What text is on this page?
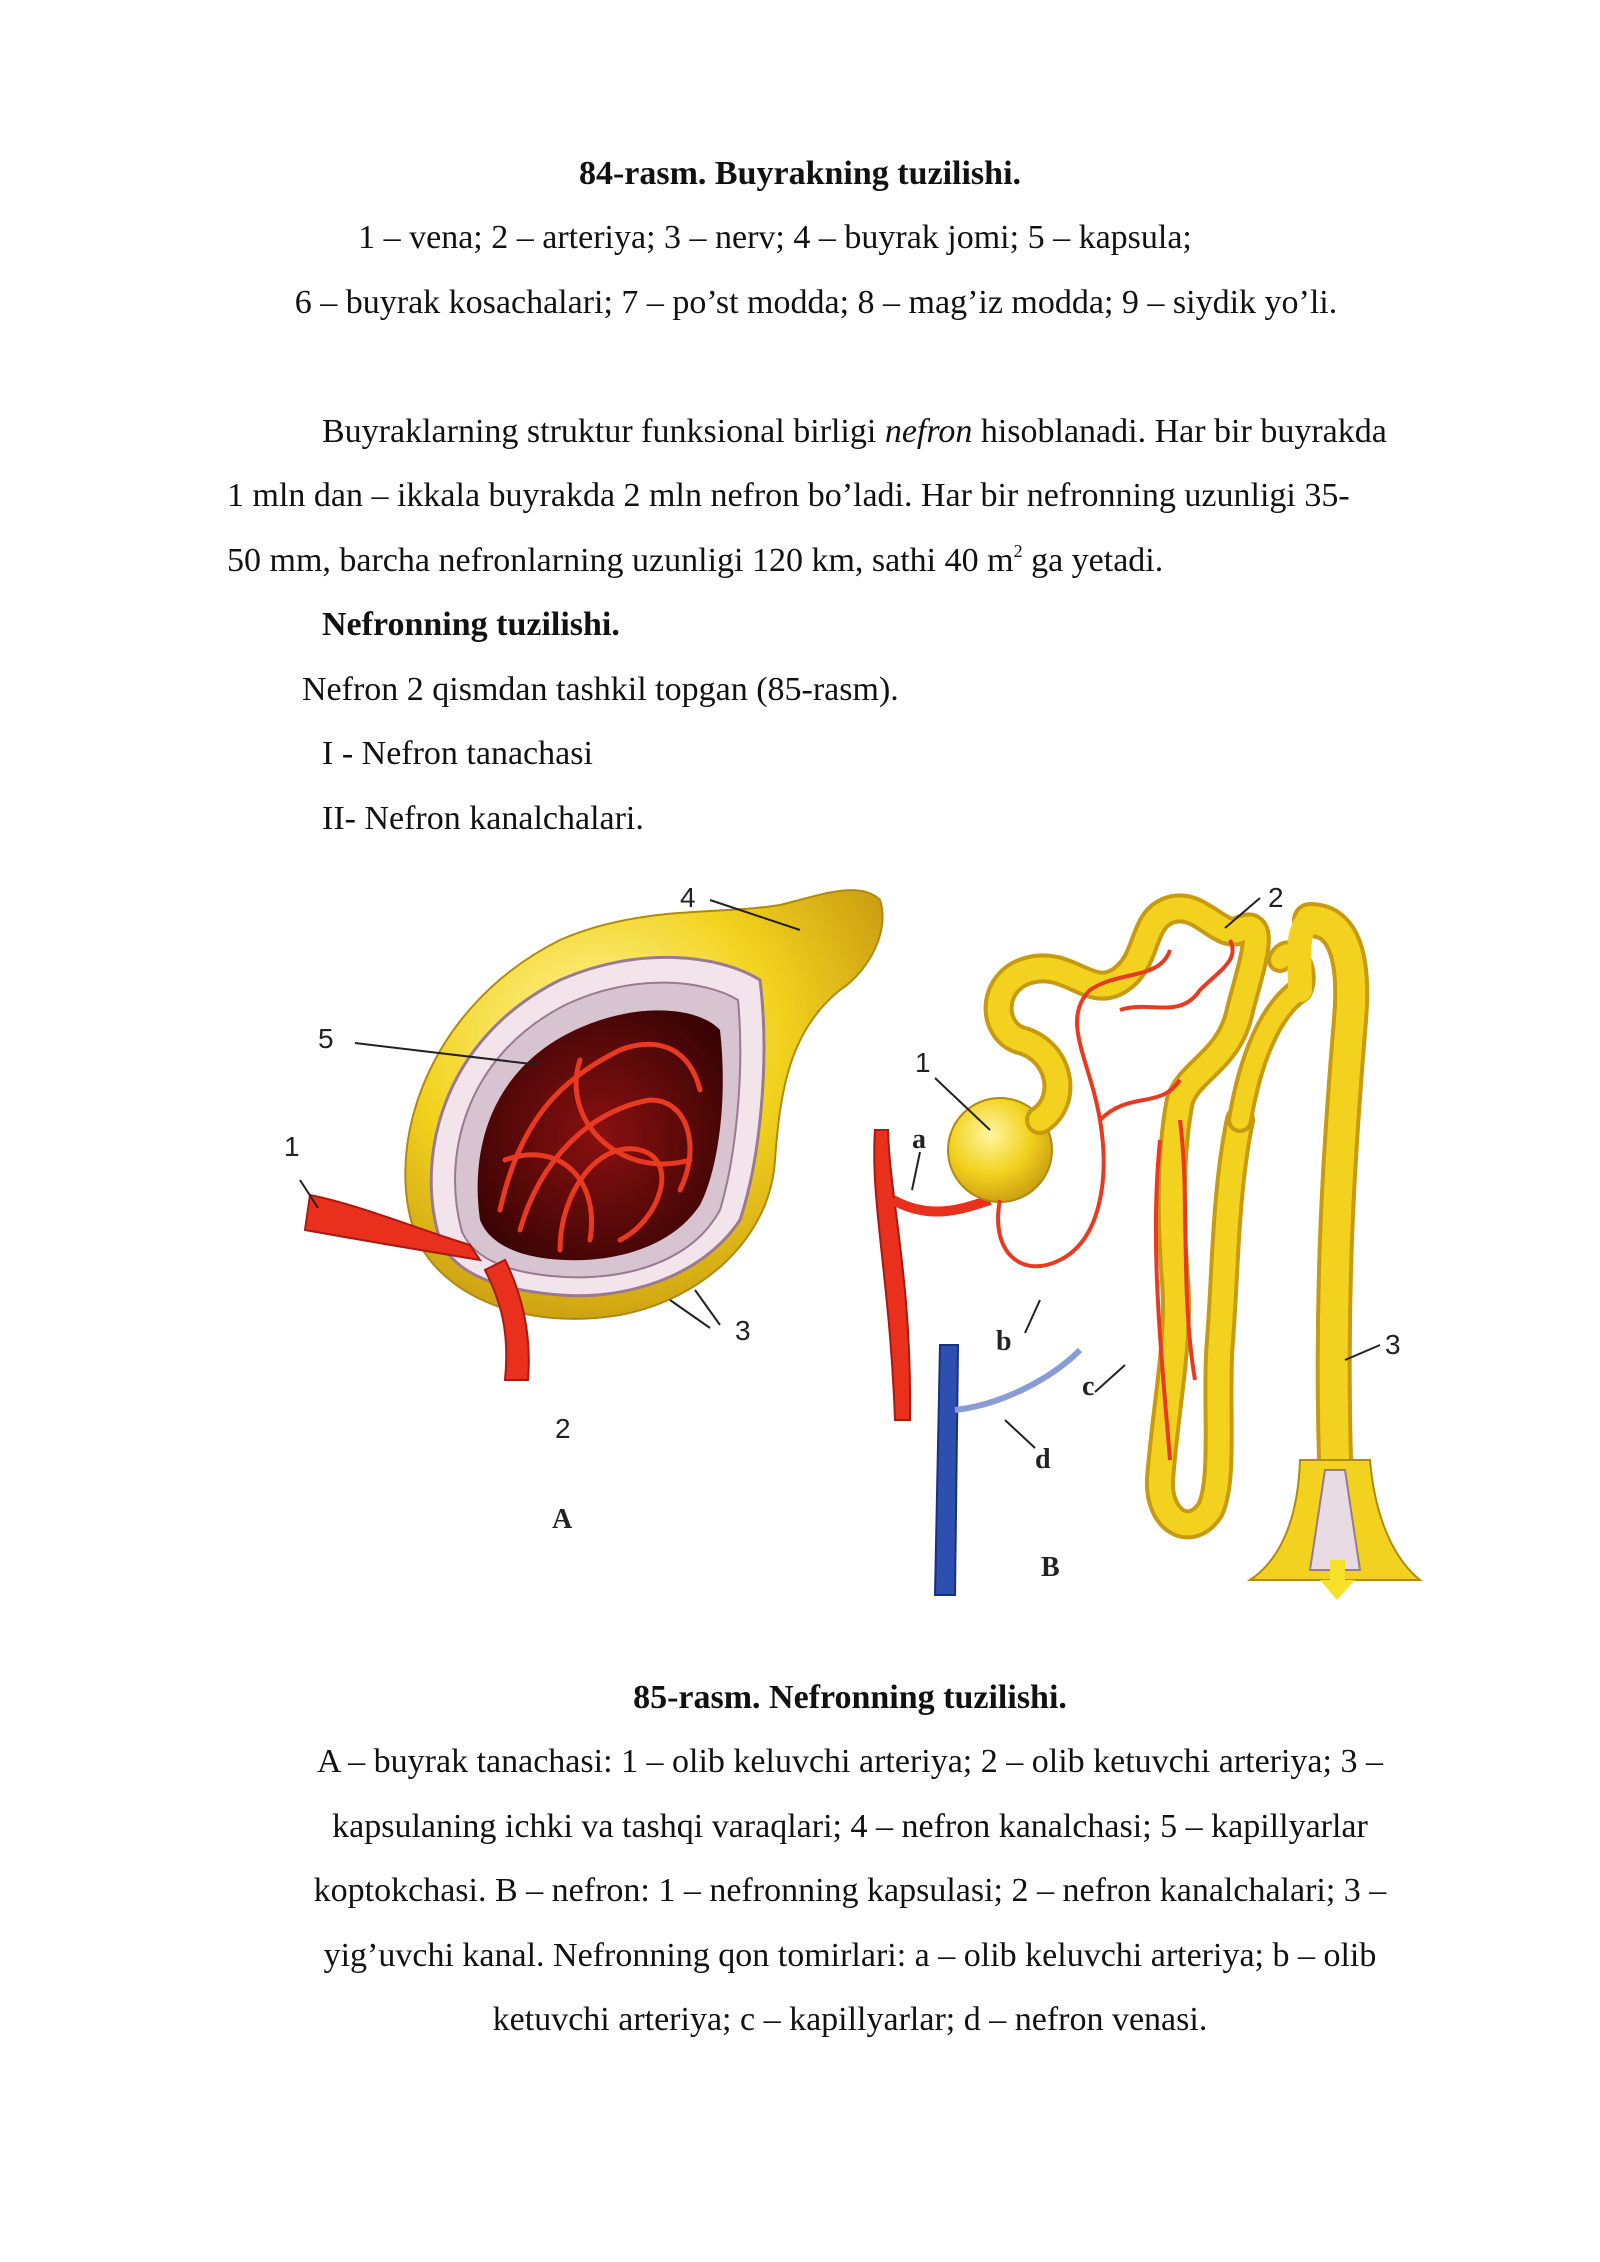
84-rasm. Buyrakning tuzilishi.
1 – vena; 2 – arteriya; 3 – nerv; 4 – buyrak jomi; 5 – kapsula;
6 – buyrak kosachalari; 7 – po’st modda; 8 – mag’iz modda; 9 – siydik yo’li.
Buyraklarning struktur funksional birligi nefron hisoblanadi. Har bir buyrakda
1 mln dan – ikkala buyrakda 2 mln nefron bo’ladi. Har bir nefronning uzunligi 35-
50 mm, barcha nefronlarning uzunligi 120 km, sathi 40 $m^2$ ga yetadi.
Nefronning tuzilishi.
Nefron 2 qismdan tashkil topgan (85-rasm).
I - Nefron tanachasi
II- Nefron kanalchalari.
4
5
1
3
2
A
1
2
3
a
b
c
d
B
85-rasm. Nefronning tuzilishi.
A – buyrak tanachasi: 1 – olib keluvchi arteriya; 2 – olib ketuvchi arteriya; 3 –
kapsulaning ichki va tashqi varaqlari; 4 – nefron kanalchasi; 5 – kapillyarlar
koptokchasi. B – nefron: 1 – nefronning kapsulasi; 2 – nefron kanalchalari; 3 –
yig’uvchi kanal. Nefronning qon tomirlari: a – olib keluvchi arteriya; b – olib
ketuvchi arteriya; c – kapillyarlar; d – nefron venasi.
